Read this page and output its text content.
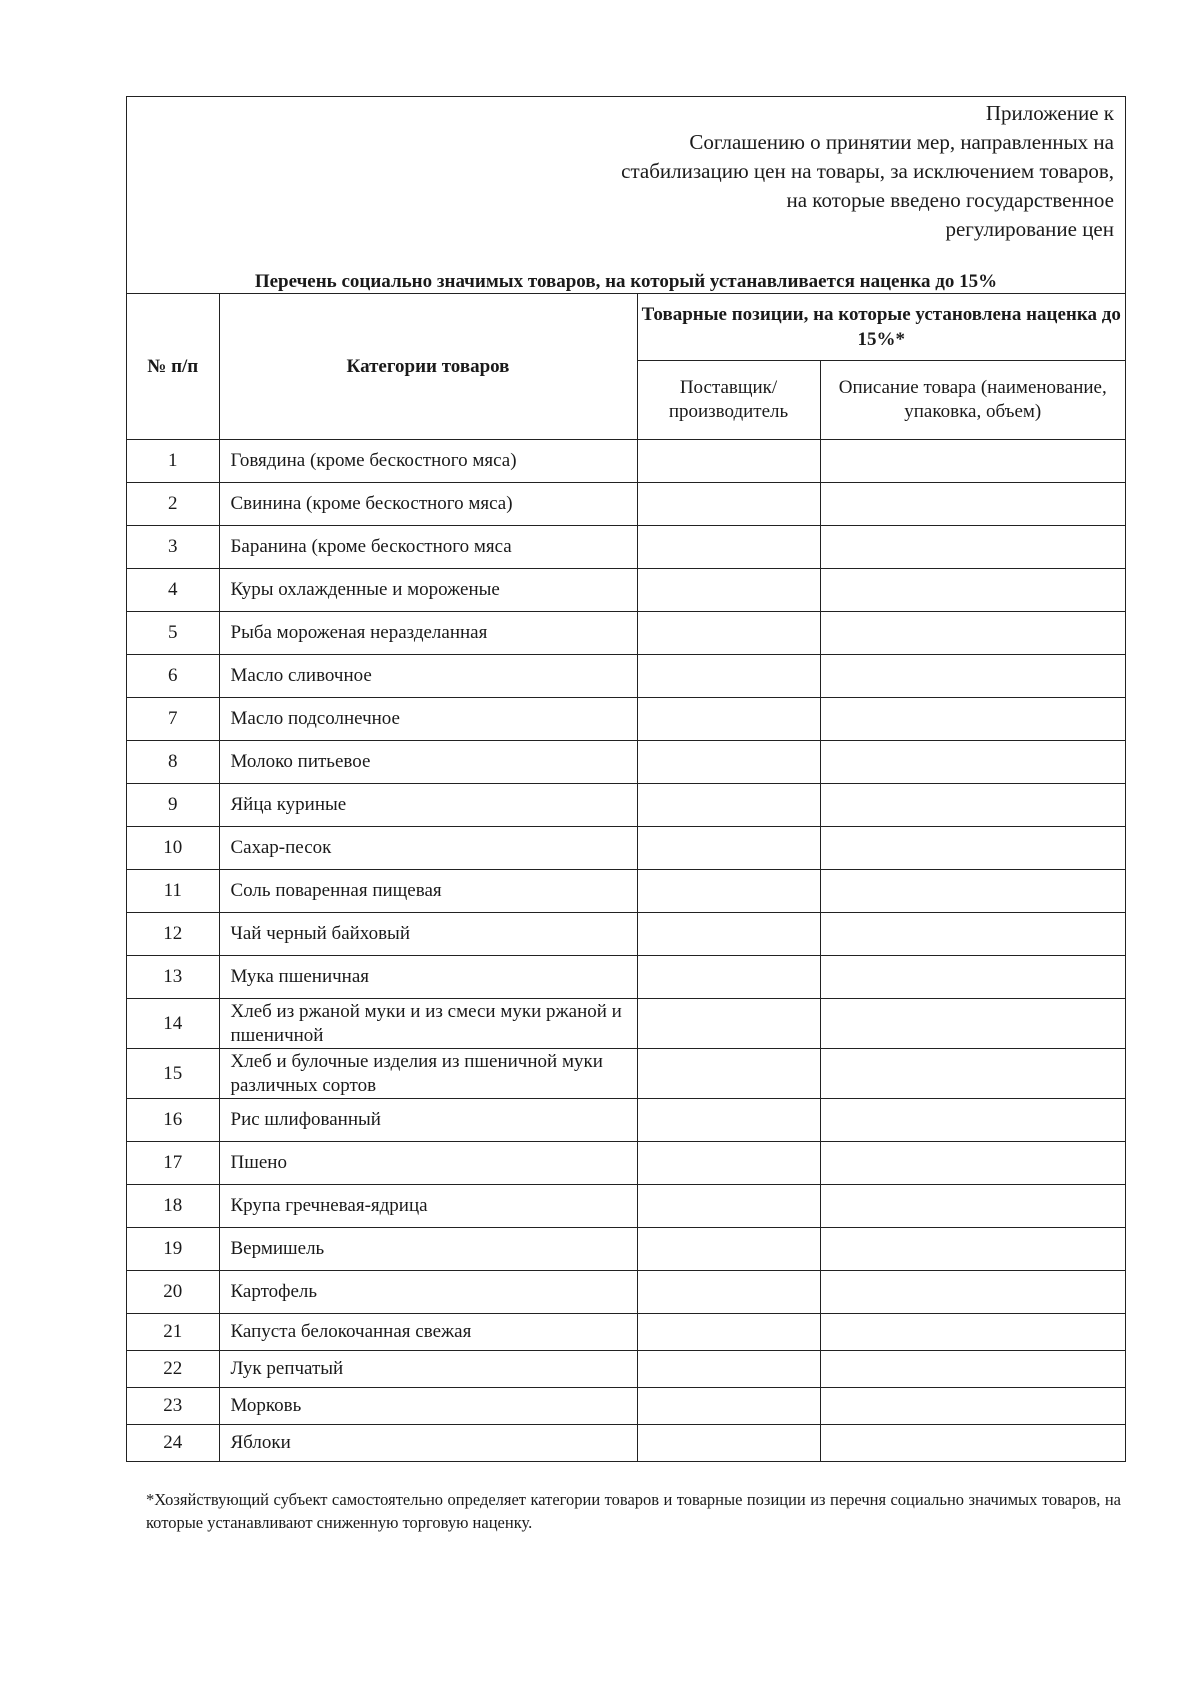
Приложение к
Соглашению о принятии мер, направленных на
стабилизацию цен на товары, за исключением товаров,
на которые введено государственное
регулирование цен
Перечень социально значимых товаров, на который устанавливается наценка до 15%
№ п/п	Категории товаров	Товарные позиции, на которые установлена наценка до 15%*	
		Поставщик/ производитель	Описание товара (наименование, упаковка, объем)
1	Говядина (кроме бескостного мяса)		
2	Свинина (кроме бескостного мяса)		
3	Баранина (кроме бескостного мяса		
4	Куры охлажденные и мороженые		
5	Рыба мороженая неразделанная		
6	Масло сливочное		
7	Масло подсолнечное		
8	Молоко питьевое		
9	Яйца куриные		
10	Сахар-песок		
11	Соль поваренная пищевая		
12	Чай черный байховый		
13	Мука пшеничная		
14	Хлеб из ржаной муки и из смеси муки ржаной и пшеничной		
15	Хлеб и булочные изделия из пшеничной муки различных сортов		
16	Рис шлифованный		
17	Пшено		
18	Крупа гречневая-ядрица		
19	Вермишель		
20	Картофель		
21	Капуста белокочанная свежая		
22	Лук репчатый		
23	Морковь		
24	Яблоки		
*Хозяйствующий субъект самостоятельно определяет категории товаров и товарные позиции из перечня социально значимых товаров, на которые устанавливают сниженную торговую наценку.
